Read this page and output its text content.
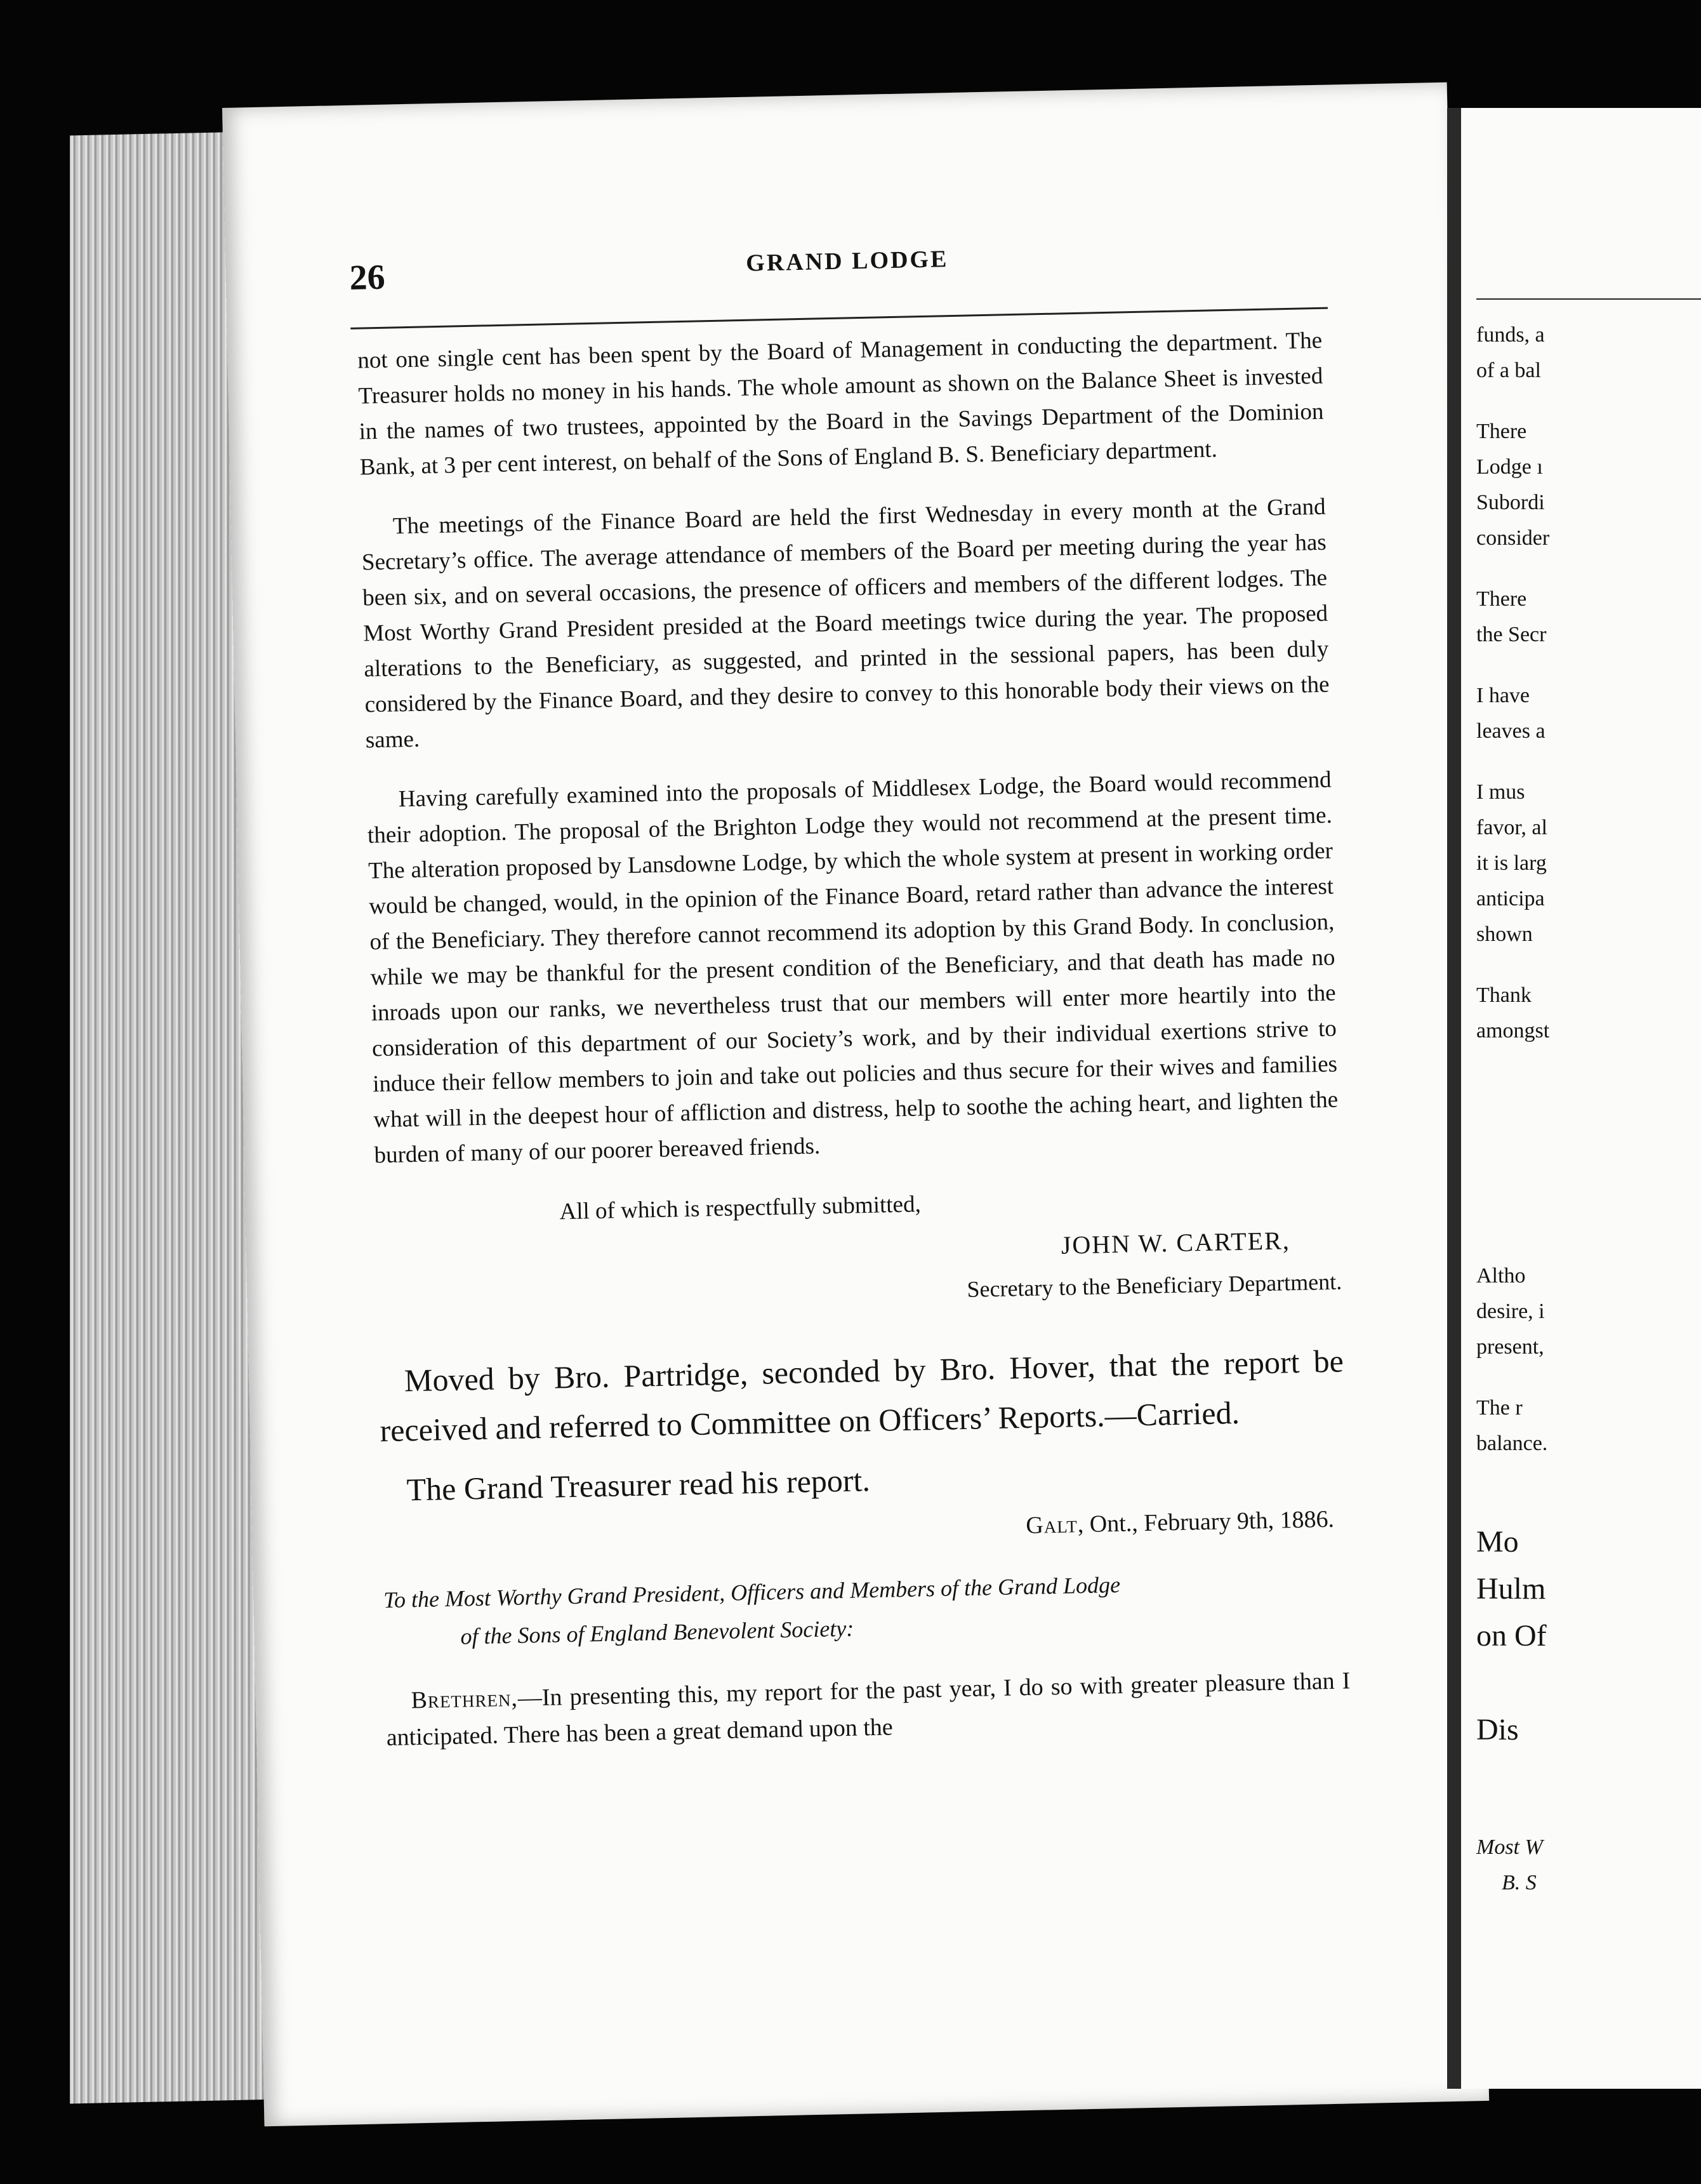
26	GRAND LODGE

not one single cent has been spent by the Board of Management in conducting the department. The Treasurer holds no money in his hands. The whole amount as shown on the Balance Sheet is invested in the names of two trustees, appointed by the Board in the Savings Department of the Dominion Bank, at 3 per cent interest, on behalf of the Sons of England B. S. Beneficiary department.

The meetings of the Finance Board are held the first Wednesday in every month at the Grand Secretary’s office. The average attendance of members of the Board per meeting during the year has been six, and on several occasions, the presence of officers and members of the different lodges. The Most Worthy Grand President presided at the Board meetings twice during the year. The proposed alterations to the Beneficiary, as suggested, and printed in the sessional papers, has been duly considered by the Finance Board, and they desire to convey to this honorable body their views on the same.

Having carefully examined into the proposals of Middlesex Lodge, the Board would recommend their adoption. The proposal of the Brighton Lodge they would not recommend at the present time. The alteration proposed by Lansdowne Lodge, by which the whole system at present in working order would be changed, would, in the opinion of the Finance Board, retard rather than advance the interest of the Beneficiary. They therefore cannot recommend its adoption by this Grand Body. In conclusion, while we may be thankful for the present condition of the Beneficiary, and that death has made no inroads upon our ranks, we nevertheless trust that our members will enter more heartily into the consideration of this department of our Society’s work, and by their individual exertions strive to induce their fellow members to join and take out policies and thus secure for their wives and families what will in the deepest hour of affliction and distress, help to soothe the aching heart, and lighten the burden of many of our poorer bereaved friends.

All of which is respectfully submitted,

JOHN W. CARTER,

Secretary to the Beneficiary Department.

Moved by Bro. Partridge, seconded by Bro. Hover, that the report be received and referred to Committee on Officers’ Reports.—Carried.

The Grand Treasurer read his report.

Galt, Ont., February 9th, 1886.

To the Most Worthy Grand President, Officers and Members of the Grand Lodge
of the Sons of England Benevolent Society:

Brethren,—In presenting this, my report for the past year, I do so with greater pleasure than I anticipated. There has been a great demand upon the

funds, a
of a bal

There
Lodge ı
Subordi
consider

There
the Secr

I have
leaves a

I mus
favor, al
it is larg
anticipa
shown

Thank
amongst

Altho
desire, i
present,

The r
balance.

Mo
Hulm
on Of

Dis
Most W
B. S
